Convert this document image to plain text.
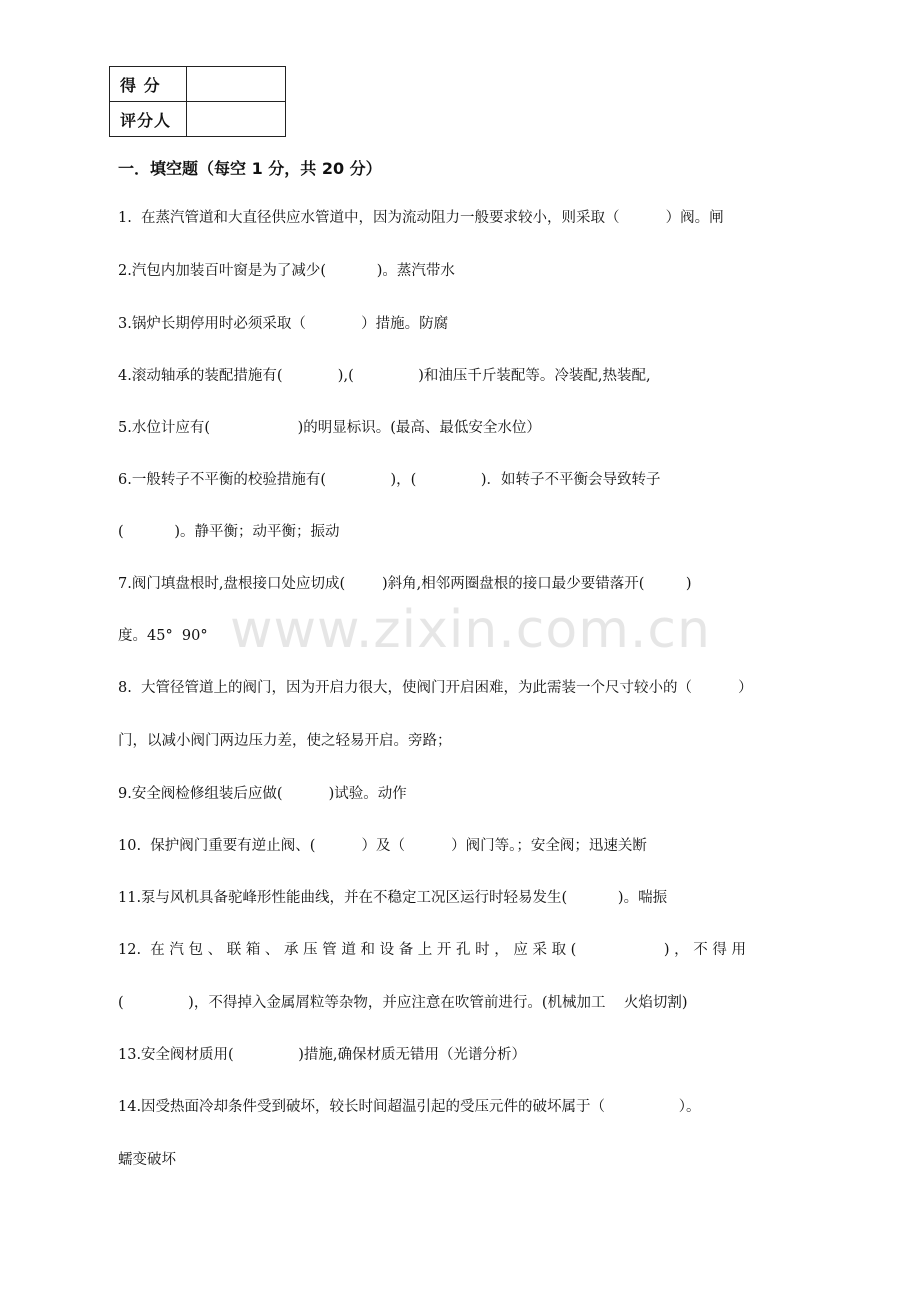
得 分	
评分人	
www.zixin.com.cn
一．填空题（每空 1 分，共 20 分）
1.  在蒸汽管道和大直径供应水管道中，因为流动阻力一般要求较小，则采取（          ）阀。闸
2.汽包内加装百叶窗是为了减少(           )。蒸汽带水
3.锅炉长期停用时必须采取（            ）措施。防腐
4.滚动轴承的装配措施有(            ),(              )和油压千斤装配等。冷装配,热装配,
5.水位计应有(                   )的明显标识。(最高、最低安全水位）
6.一般转子不平衡的校验措施有(              )，(              )．如转子不平衡会导致转子
(           )。静平衡；动平衡；振动
7.阀门填盘根时,盘根接口处应切成(        )斜角,相邻两圈盘根的接口最少要错落开(         )
度。45°  90°
8.  大管径管道上的阀门，因为开启力很大，使阀门开启困难，为此需装一个尺寸较小的（          ）
门，以减小阀门两边压力差，使之轻易开启。旁路；
9.安全阀检修组装后应做(          )试验。动作
10.  保护阀门重要有逆止阀、(          ）及（          ）阀门等。；安全阀；迅速关断
11.泵与风机具备驼峰形性能曲线，并在不稳定工况区运行时轻易发生(           )。喘振
12.  在 汽 包 、 联 箱 、 承 压 管 道 和 设 备 上 开 孔 时 ， 应 采 取 (                   ) ， 不 得 用
(              )，不得掉入金属屑粒等杂物，并应注意在吹管前进行。(机械加工    火焰切割)
13.安全阀材质用(              )措施,确保材质无错用（光谱分析）
14.因受热面冷却条件受到破坏，较长时间超温引起的受压元件的破坏属于（                ）。
蠕变破坏
